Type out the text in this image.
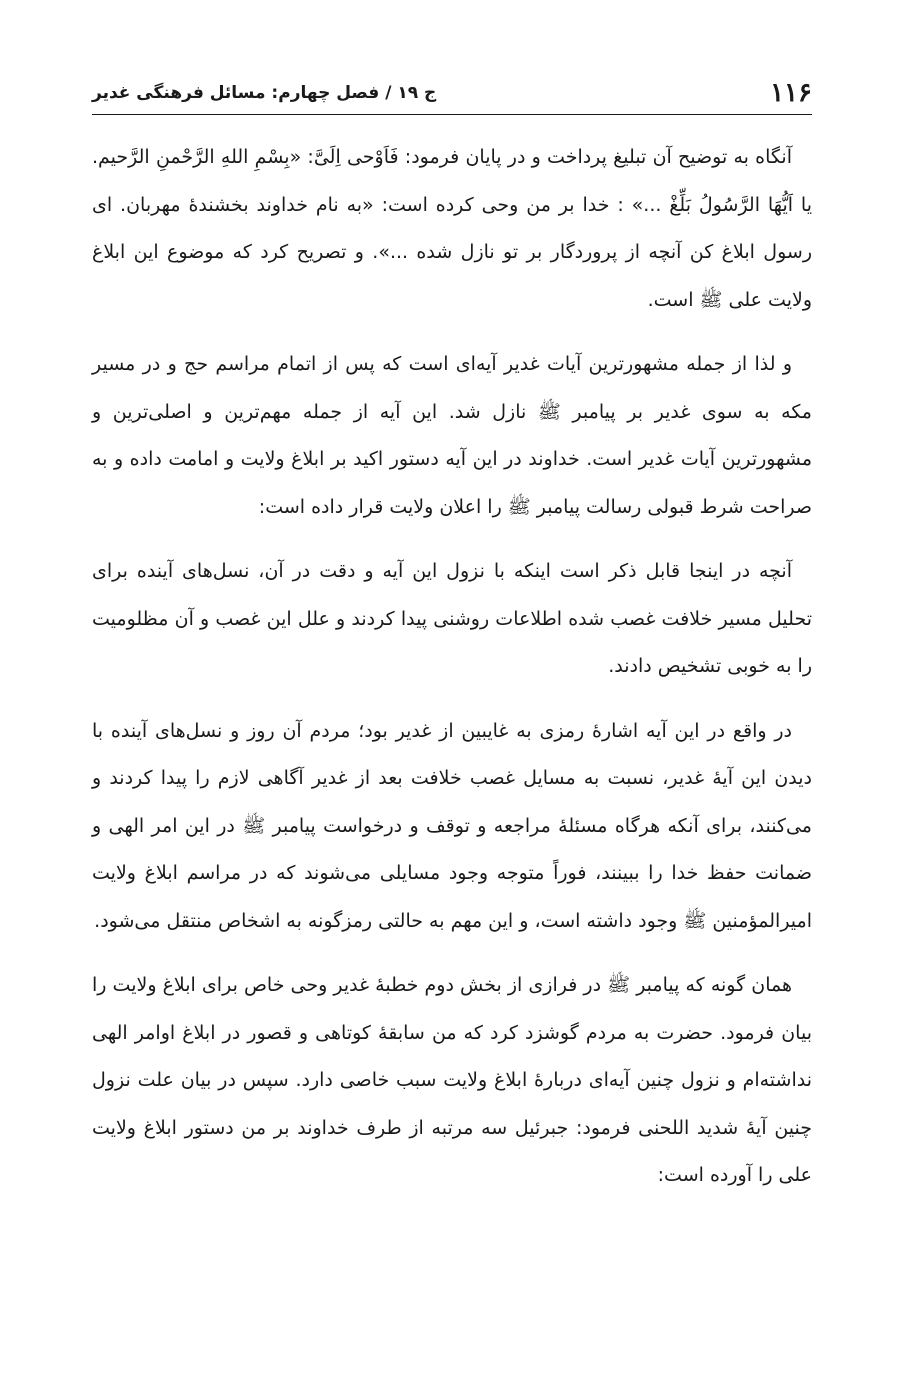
۱۱۶
ج ۱۹ / فصل چهارم: مسائل فرهنگی غدیر

آنگاه به توضیح آن تبلیغ پرداخت و در پایان فرمود: فَاَوْحی اِلَیَّ: «بِسْمِ اللهِ الرَّحْمنِ الرَّحیم. یا اَیُّهَا الرَّسُولُ بَلِّغْ ...» : خدا بر من وحی کرده است: «به نام خداوند بخشندهٔ مهربان. ای رسول ابلاغ کن آنچه از پروردگار بر تو نازل شده ...». و تصریح کرد که موضوع این ابلاغ ولایت علی ﷺ است.

و لذا از جمله مشهورترین آیات غدیر آیه‌ای است که پس از اتمام مراسم حج و در مسیر مکه به سوی غدیر بر پیامبر ﷺ نازل شد. این آیه از جمله مهم‌ترین و اصلی‌ترین و مشهورترین آیات غدیر است. خداوند در این آیه دستور اکید بر ابلاغ ولایت و امامت داده و به صراحت شرط قبولی رسالت پیامبر ﷺ را اعلان ولایت قرار داده است:

آنچه در اینجا قابل ذکر است اینکه با نزول این آیه و دقت در آن، نسل‌های آینده برای تحلیل مسیر خلافت غصب شده اطلاعات روشنی پیدا کردند و علل این غصب و آن مظلومیت را به خوبی تشخیص دادند.

در واقع در این آیه اشارهٔ رمزی به غایبین از غدیر بود؛ مردم آن روز و نسل‌های آینده با دیدن این آیهٔ غدیر، نسبت به مسایل غصب خلافت بعد از غدیر آگاهی لازم را پیدا کردند و می‌کنند، برای آنکه هرگاه مسئلهٔ مراجعه و توقف و درخواست پیامبر ﷺ در این امر الهی و ضمانت حفظ خدا را ببینند، فوراً متوجه وجود مسایلی می‌شوند که در مراسم ابلاغ ولایت امیرالمؤمنین ﷺ وجود داشته است، و این مهم به حالتی رمزگونه به اشخاص منتقل می‌شود.

همان گونه که پیامبر ﷺ در فرازی از بخش دوم خطبهٔ غدیر وحی خاص برای ابلاغ ولایت را بیان فرمود. حضرت به مردم گوشزد کرد که من سابقهٔ کوتاهی و قصور در ابلاغ اوامر الهی نداشته‌ام و نزول چنین آیه‌ای دربارهٔ ابلاغ ولایت سبب خاصی دارد. سپس در بیان علت نزول چنین آیهٔ شدید اللحنی فرمود: جبرئیل سه مرتبه از طرف خداوند بر من دستور ابلاغ ولایت علی را آورده است:
